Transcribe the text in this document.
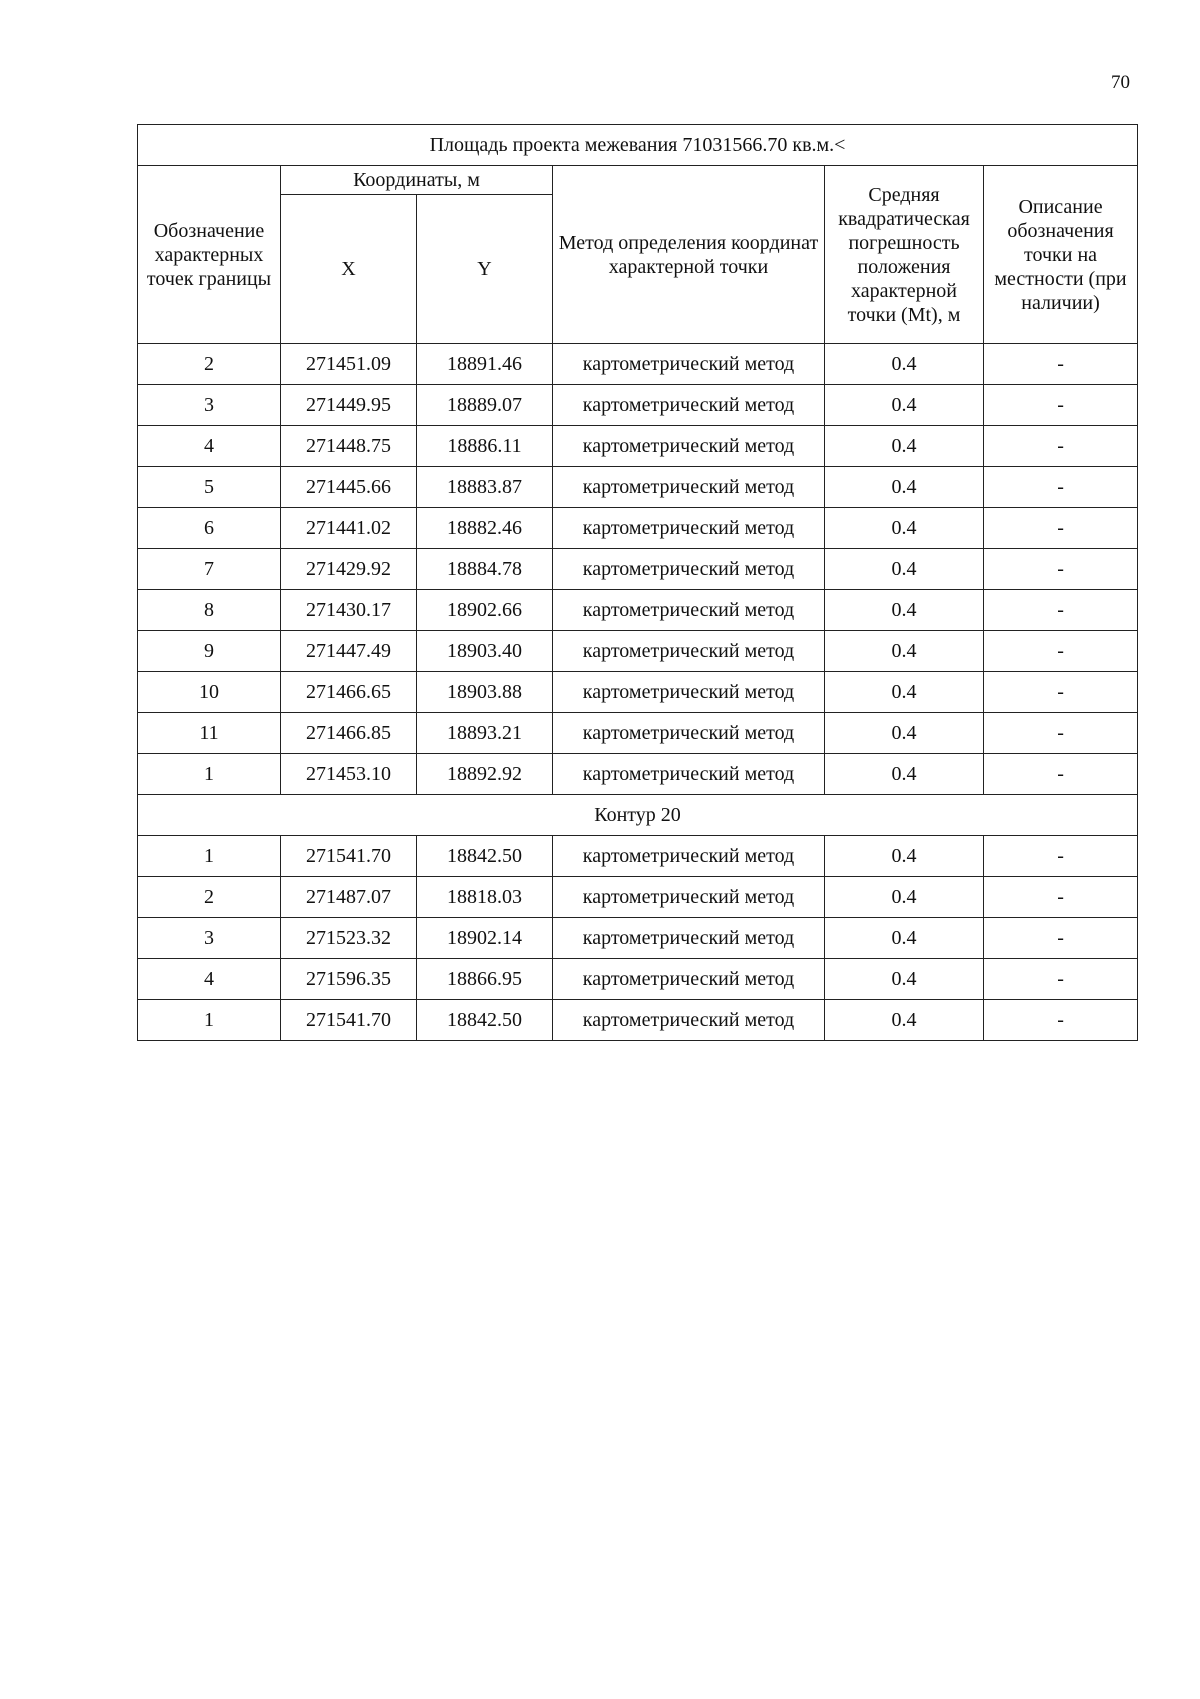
70
Площадь проекта межевания 71031566.70 кв.м.<					
Обозначение характерных точек границы	Координаты, м		Метод определения координат характерной точки	Средняя квадратическая погрешность положения характерной точки (Mt), м	Описание обозначения точки на местности (при наличии)
	X	Y			
2	271451.09	18891.46	картометрический метод	0.4	-
3	271449.95	18889.07	картометрический метод	0.4	-
4	271448.75	18886.11	картометрический метод	0.4	-
5	271445.66	18883.87	картометрический метод	0.4	-
6	271441.02	18882.46	картометрический метод	0.4	-
7	271429.92	18884.78	картометрический метод	0.4	-
8	271430.17	18902.66	картометрический метод	0.4	-
9	271447.49	18903.40	картометрический метод	0.4	-
10	271466.65	18903.88	картометрический метод	0.4	-
11	271466.85	18893.21	картометрический метод	0.4	-
1	271453.10	18892.92	картометрический метод	0.4	-
Контур 20					
1	271541.70	18842.50	картометрический метод	0.4	-
2	271487.07	18818.03	картометрический метод	0.4	-
3	271523.32	18902.14	картометрический метод	0.4	-
4	271596.35	18866.95	картометрический метод	0.4	-
1	271541.70	18842.50	картометрический метод	0.4	-
